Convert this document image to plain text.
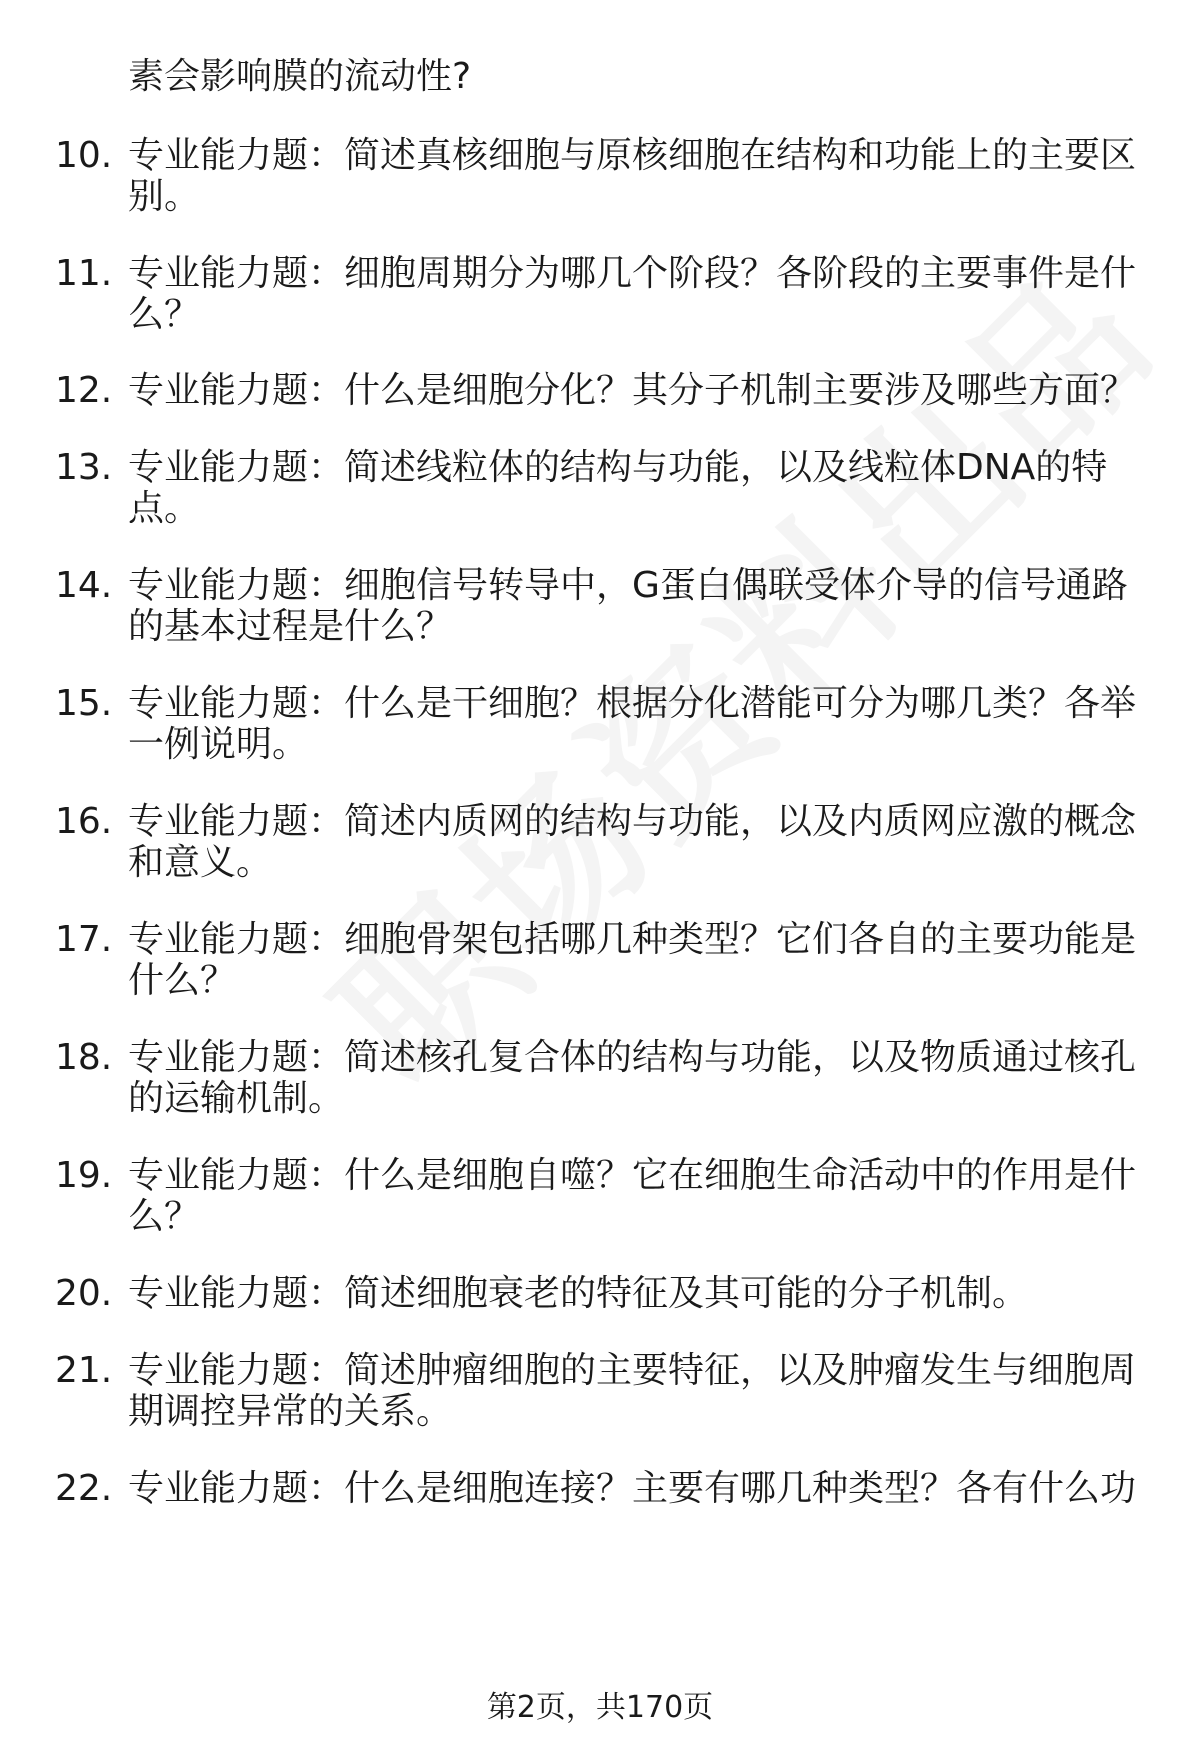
素会影响膜的流动性?
10. 专业能力题：简述真核细胞与原核细胞在结构和功能上的主要区
别。
11. 专业能力题：细胞周期分为哪几个阶段？各阶段的主要事件是什
么？
12. 专业能力题：什么是细胞分化？其分子机制主要涉及哪些方面？
13. 专业能力题：简述线粒体的结构与功能，以及线粒体DNA的特
点。
14. 专业能力题：细胞信号转导中，G蛋白偶联受体介导的信号通路
的基本过程是什么？
15. 专业能力题：什么是干细胞？根据分化潜能可分为哪几类？各举
一例说明。
16. 专业能力题：简述内质网的结构与功能，以及内质网应激的概念
和意义。
17. 专业能力题：细胞骨架包括哪几种类型？它们各自的主要功能是
什么？
18. 专业能力题：简述核孔复合体的结构与功能，以及物质通过核孔
的运输机制。
19. 专业能力题：什么是细胞自噬？它在细胞生命活动中的作用是什
么？
20. 专业能力题：简述细胞衰老的特征及其可能的分子机制。
21. 专业能力题：简述肿瘤细胞的主要特征，以及肿瘤发生与细胞周
期调控异常的关系。
22. 专业能力题：什么是细胞连接？主要有哪几种类型？各有什么功
第2页，共170页
